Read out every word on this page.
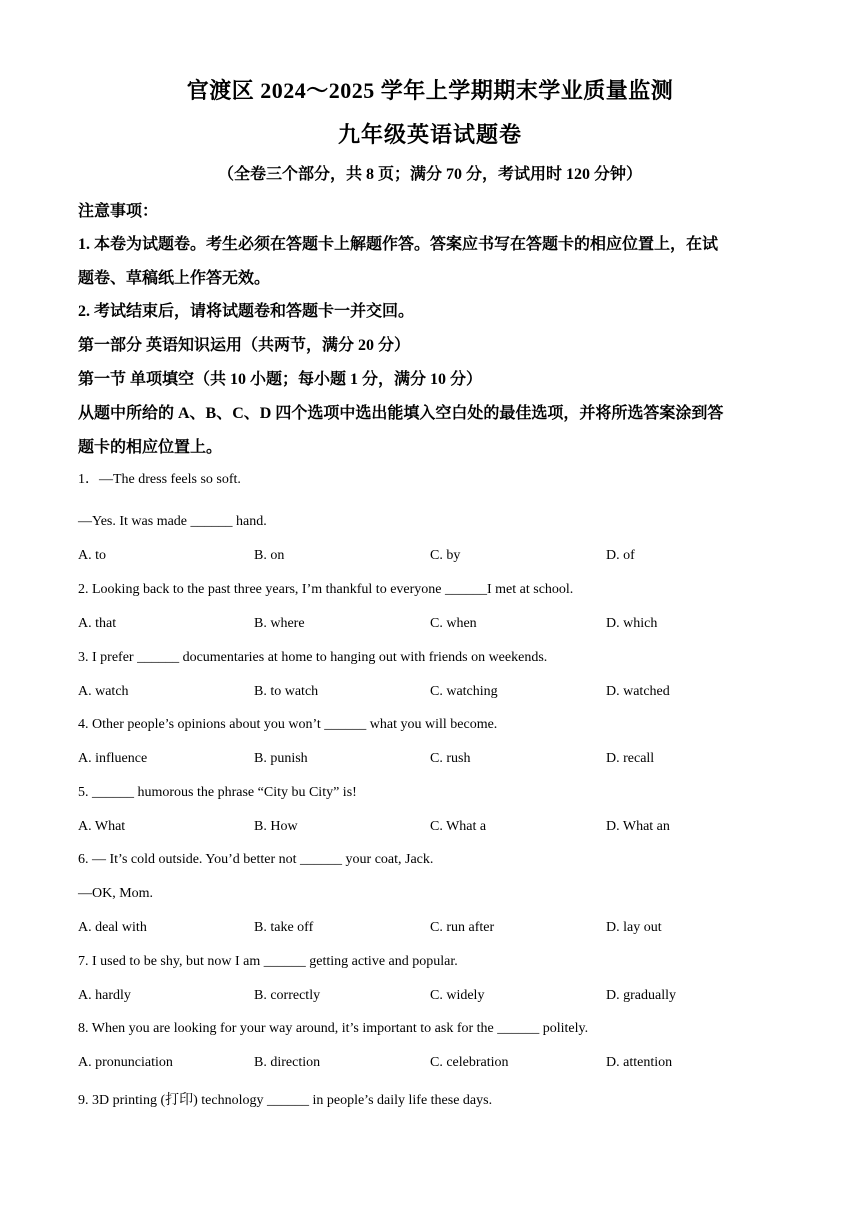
官渡区 2024～2025 学年上学期期末学业质量监测
九年级英语试题卷
（全卷三个部分，共 8 页；满分 70 分，考试用时 120 分钟）
注意事项：
1. 本卷为试题卷。考生必须在答题卡上解题作答。答案应书写在答题卡的相应位置上，在试
题卷、草稿纸上作答无效。
2. 考试结束后，请将试题卷和答题卡一并交回。
第一部分 英语知识运用（共两节，满分 20 分）
第一节 单项填空（共 10 小题；每小题 1 分，满分 10 分）
从题中所给的 A、B、C、D 四个选项中选出能填入空白处的最佳选项，并将所选答案涂到答
题卡的相应位置上。
1．—The dress feels so soft.
—Yes. It was made ______ hand.
A. to	B. on	C. by	D. of
2. Looking back to the past three years, I’m thankful to everyone ______I met at school.
A. that	B. where	C. when	D. which
3. I prefer ______ documentaries at home to hanging out with friends on weekends.
A. watch	B. to watch	C. watching	D. watched
4. Other people’s opinions about you won’t ______ what you will become.
A. influence	B. punish	C. rush	D. recall
5. ______ humorous the phrase “City bu City” is!
A. What	B. How	C. What a	D. What an
6. — It’s cold outside. You’d better not ______ your coat, Jack.
—OK, Mom.
A. deal with	B. take off	C. run after	D. lay out
7. I used to be shy, but now I am ______ getting active and popular.
A. hardly	B. correctly	C. widely	D. gradually
8. When you are looking for your way around, it’s important to ask for the ______ politely.
A. pronunciation	B. direction	C. celebration	D. attention
9. 3D printing (打印) technology ______ in people’s daily life these days.
